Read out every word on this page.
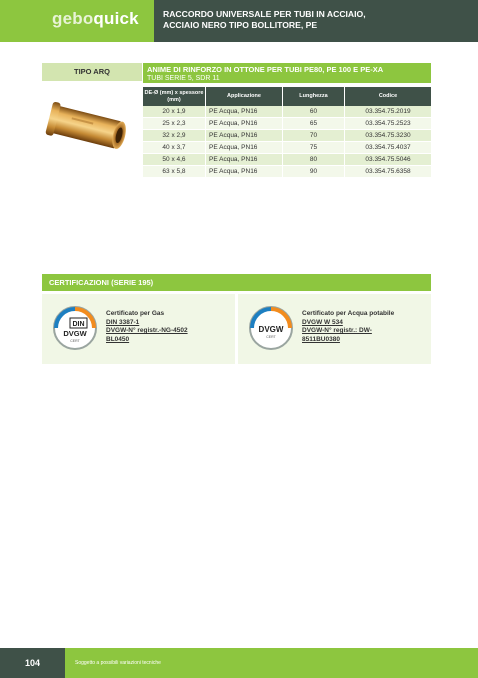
geboquick	RACCORDO UNIVERSALE PER TUBI IN ACCIAIO,
ACCIAIO NERO TIPO BOLLITORE, PE
TIPO ARQ	ANIME DI RINFORZO IN OTTONE PER TUBI PE80, PE 100 E PE-XA
TUBI SERIE 5, SDR 11
DE-Ø (mm) x spessore (mm)	Applicazione	Lunghezza	Codice
20 x 1,9	PE Acqua, PN16	60	03.354.75.2019
25 x 2,3	PE Acqua, PN16	65	03.354.75.2523
32 x 2,9	PE Acqua, PN16	70	03.354.75.3230
40 x 3,7	PE Acqua, PN16	75	03.354.75.4037
50 x 4,6	PE Acqua, PN16	80	03.354.75.5046
63 x 5,8	PE Acqua, PN16	90	03.354.75.6358
CERTIFICAZIONI (SERIE 195)
DIN
DVGW
CERT
Certificato per Gas
DIN 3387-1
DVGW-N° registr.-NG-4502
BL0450
DVGW
CERT
Certificato per Acqua potabile
DVGW W 534
DVGW-N° registr.: DW-
8511BU0380
104	Soggetto a possibili variazioni tecniche
